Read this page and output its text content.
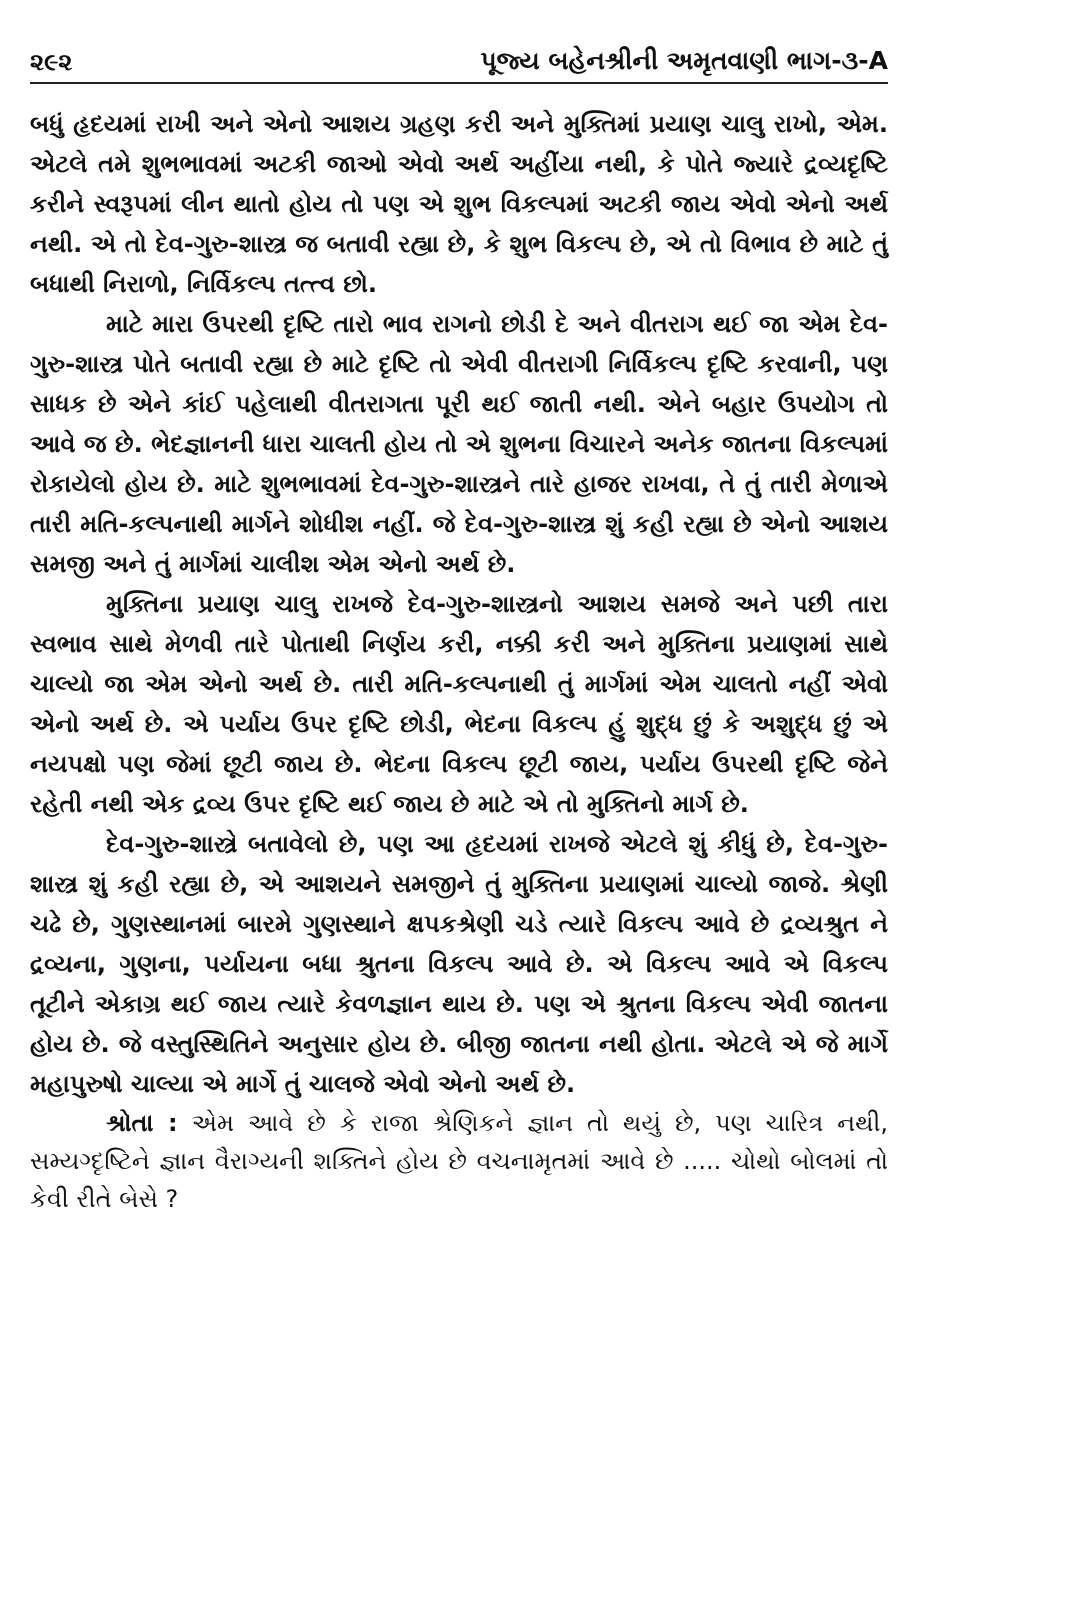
૨૯૨	પૂજ્ય બહેનશ્રીની અમૃતવાણી ભાગ-૩-A

બધું હૃદયમાં રાખી અને એનો આશય ગ્રહણ કરી અને મુક્તિમાં પ્રયાણ ચાલુ રાખો, એમ. એટલે તમે શુભભાવમાં અટકી જાઓ એવો અર્થ અહીંયા નથી, કે પોતે જ્યારે દ્રવ્યદૃષ્ટિ કરીને સ્વરૂપમાં લીન થાતો હોય તો પણ એ શુભ વિકલ્પમાં અટકી જાય એવો એનો અર્થ નથી. એ તો દેવ-ગુરુ-શાસ્ત્ર જ બતાવી રહ્યા છે, કે શુભ વિકલ્પ છે, એ તો વિભાવ છે માટે તું બધાથી નિરાળો, નિર્વિકલ્પ તત્ત્વ છો.

માટે મારા ઉપરથી દૃષ્ટિ તારો ભાવ રાગનો છોડી દે અને વીતરાગ થઈ જા એમ દેવ-ગુરુ-શાસ્ત્ર પોતે બતાવી રહ્યા છે માટે દૃષ્ટિ તો એવી વીતરાગી નિર્વિકલ્પ દૃષ્ટિ કરવાની, પણ સાધક છે એને કાંઈ પહેલાથી વીતરાગતા પૂરી થઈ જાતી નથી. એને બહાર ઉપયોગ તો આવે જ છે. ભેદજ્ઞાનની ધારા ચાલતી હોય તો એ શુભના વિચારને અનેક જાતના વિકલ્પમાં રોકાયેલો હોય છે. માટે શુભભાવમાં દેવ-ગુરુ-શાસ્ત્રને તારે હાજર રાખવા, તે તું તારી મેળાએ તારી મતિ-કલ્પનાથી માર્ગને શોધીશ નહીં. જે દેવ-ગુરુ-શાસ્ત્ર શું કહી રહ્યા છે એનો આશય સમજી અને તું માર્ગમાં ચાલીશ એમ એનો અર્થ છે.

મુક્તિના પ્રયાણ ચાલુ રાખજે દેવ-ગુરુ-શાસ્ત્રનો આશય સમજે અને પછી તારા સ્વભાવ સાથે મેળવી તારે પોતાથી નિર્ણય કરી, નક્કી કરી અને મુક્તિના પ્રયાણમાં સાથે ચાલ્યો જા એમ એનો અર્થ છે. તારી મતિ-કલ્પનાથી તું માર્ગમાં એમ ચાલતો નહીં એવો એનો અર્થ છે. એ પર્યાય ઉપર દૃષ્ટિ છોડી, ભેદના વિકલ્પ હું શુદ્ધ છું કે અશુદ્ધ છું એ નયપક્ષો પણ જેમાં છૂટી જાય છે. ભેદના વિકલ્પ છૂટી જાય, પર્યાય ઉપરથી દૃષ્ટિ જેને રહેતી નથી એક દ્રવ્ય ઉપર દૃષ્ટિ થઈ જાય છે માટે એ તો મુક્તિનો માર્ગ છે.

દેવ-ગુરુ-શાસ્ત્રે બતાવેલો છે, પણ આ હૃદયમાં રાખજે એટલે શું કીધું છે, દેવ-ગુરુ-શાસ્ત્ર શું કહી રહ્યા છે, એ આશયને સમજીને તું મુક્તિના પ્રયાણમાં ચાલ્યો જાજે. શ્રેણી ચઢે છે, ગુણસ્થાનમાં બારમે ગુણસ્થાને ક્ષપકશ્રેણી ચડે ત્યારે વિકલ્પ આવે છે દ્રવ્યશ્રુત ને દ્રવ્યના, ગુણના, પર્યાયના બધા શ્રુતના વિકલ્પ આવે છે. એ વિકલ્પ આવે એ વિકલ્પ તૂટીને એકાગ્ર થઈ જાય ત્યારે કેવળજ્ઞાન થાય છે. પણ એ શ્રુતના વિકલ્પ એવી જાતના હોય છે. જે વસ્તુસ્થિતિને અનુસાર હોય છે. બીજી જાતના નથી હોતા. એટલે એ જે માર્ગે મહાપુરુષો ચાલ્યા એ માર્ગે તું ચાલજે એવો એનો અર્થ છે.

શ્રોતા : એમ આવે છે કે રાજા શ્રેણિકને જ્ઞાન તો થયું છે, પણ ચારિત્ર નથી, સમ્યગ્દૃષ્ટિને જ્ઞાન વૈરાગ્યની શક્તિને હોય છે વચનામૃતમાં આવે છે ..... ચોથો બોલમાં તો કેવી રીતે બેસે ?
